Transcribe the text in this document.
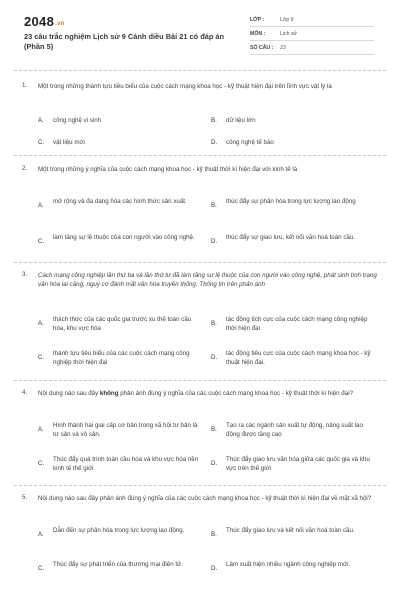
2048.vn
23 câu trắc nghiệm Lịch sử 9 Cánh diều Bài 21 có đáp án (Phần 5)
LỚP :	Lớp 9
MÔN :	Lịch sử
SỐ CÂU :	23
1. Một trong những thành tựu tiêu biểu của cuộc cách mạng khoa học - kỹ thuật hiện đại trên lĩnh vực vật lý là
A. công nghệ vi sinh	B. dữ liệu lớn
C. vật liệu mới	D. công nghệ tế bào
2. Một trong những ý nghĩa của cuộc cách mạng khoa học - kỹ thuật thời kì hiện đại với kinh tế là
A.
mở rộng và đa dạng hóa các hình thức sản xuất.
B.
thúc đẩy sự phân hóa trong lực lượng lao động
C.
làm tăng sự lệ thuộc của con người vào công nghệ.
D.
thúc đẩy sự giao lưu, kết nối văn hoá toàn cầu.
3. Cách mạng công nghiệp lần thứ ba và lần thứ tư đã làm tăng sự lệ thuộc của con người vào công nghệ, phát sinh tình trạng văn hóa lai căng, nguy cơ đánh mất văn hóa truyền thống. Thông tin trên phản ánh
A.
thách thức của các quốc gia trước xu thế toàn cầu hóa, khu vực hóa
B.
tác động tích cực của cuộc cách mạng công nghiệp thời hiện đại
C.
thành tựu tiêu biểu của các cuộc cách mạng công nghiệp thời hiện đại
D.
tác động tiêu cực của cuộc cách mạng khoa học - kỹ thuật hiện đại.
4. Nội dung nào sau đây không phản ánh đúng ý nghĩa của các cuộc cách mạng khoa học - kỹ thuật thời kì hiện đại?
A.
Hình thành hai giai cấp cơ bản trong xã hội tư bản là tư sản và vô sản.
B.
Tạo ra các ngành sản xuất tự động, nâng suất lao động được tăng cao
C.
Thúc đẩy quá trình toàn cầu hóa và khu vực hóa nền kinh tế thế giới
D.
Thúc đẩy giao lưu văn hóa giữa các quốc gia và khu vực trên thế giới
5. Nội dung nào sau đây phản ánh đúng ý nghĩa của các cuộc cách mạng khoa học - kỹ thuật thời kì hiện đại về mặt xã hội?
A.
Dẫn đến sự phân hóa trong lực lượng lao động.
B.
Thúc đẩy giao lưu và kết nối văn hoá toàn cầu.
C.
Thúc đẩy sự phát triển của thương mại điện tử.
D.
Làm xuất hiện nhiều ngành công nghiệp mới.
